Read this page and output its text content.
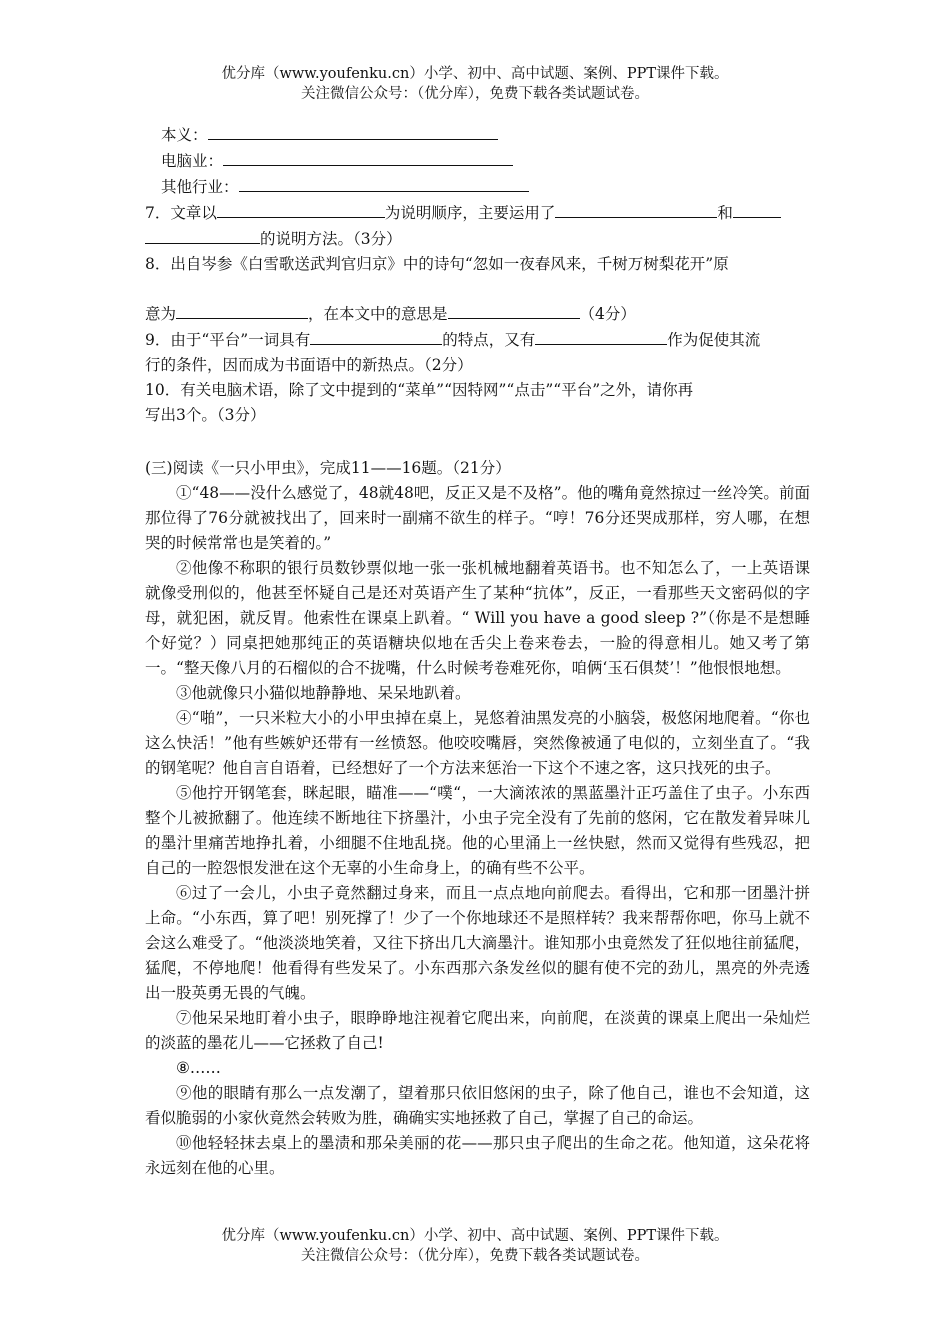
优分库（www.youfenku.cn）小学、初中、高中试题、案例、PPT课件下载。
关注微信公众号：（优分库），免费下载各类试题试卷。

本义：

电脑业：

其他行业：

7．文章以	为说明顺序，主要运用了	和

的说明方法。（3分）

8．出自岑参《白雪歌送武判官归京》中的诗句“忽如一夜春风来，千树万树梨花开”原

意为	，在本文中的意思是	（4分）

9．由于“平台”一词具有	的特点，又有	作为促使其流

行的条件，因而成为书面语中的新热点。（2分）

10．有关电脑术语，除了文中提到的“菜单”“因特网”“点击”“平台”之外，请你再

写出3个。（3分）

(三)阅读《一只小甲虫》，完成11——16题。（21分）

①“48——没什么感觉了，48就48吧，反正又是不及格”。他的嘴角竟然掠过一丝冷笑。前面那位得了76分就被找出了，回来时一副痛不欲生的样子。“哼！76分还哭成那样，穷人哪，在想哭的时候常常也是笑着的。”

②他像不称职的银行员数钞票似地一张一张机械地翻着英语书。也不知怎么了，一上英语课就像受刑似的，他甚至怀疑自己是还对英语产生了某种“抗体”，反正，一看那些天文密码似的字母，就犯困，就反胃。他索性在课桌上趴着。“ Will you have a good sleep ?”（你是不是想睡个好觉？）同桌把她那纯正的英语糖块似地在舌尖上卷来卷去，一脸的得意相儿。她又考了第一。“整天像八月的石榴似的合不拢嘴，什么时候考卷难死你，咱俩‘玉石俱焚’！”他恨恨地想。

③他就像只小猫似地静静地、呆呆地趴着。

④“啪”，一只米粒大小的小甲虫掉在桌上，晃悠着油黑发亮的小脑袋，极悠闲地爬着。“你也这么快活！”他有些嫉妒还带有一丝愤怒。他咬咬嘴唇，突然像被通了电似的，立刻坐直了。“我的钢笔呢？他自言自语着，已经想好了一个方法来惩治一下这个不速之客，这只找死的虫子。

⑤他拧开钢笔套，眯起眼，瞄准——“噗“，一大滴浓浓的黑蓝墨汁正巧盖住了虫子。小东西整个儿被掀翻了。他连续不断地往下挤墨汁，小虫子完全没有了先前的悠闲，它在散发着异味儿的墨汁里痛苦地挣扎着，小细腿不住地乱挠。他的心里涌上一丝快慰，然而又觉得有些残忍，把自己的一腔怨恨发泄在这个无辜的小生命身上，的确有些不公平。

⑥过了一会儿，小虫子竟然翻过身来，而且一点点地向前爬去。看得出，它和那一团墨汁拼上命。“小东西，算了吧！别死撑了！少了一个你地球还不是照样转？我来帮帮你吧，你马上就不会这么难受了。“他淡淡地笑着，又往下挤出几大滴墨汁。谁知那小虫竟然发了狂似地往前猛爬，猛爬，不停地爬！他看得有些发呆了。小东西那六条发丝似的腿有使不完的劲儿，黑亮的外壳透出一股英勇无畏的气魄。

⑦他呆呆地盯着小虫子，眼睁睁地注视着它爬出来，向前爬，在淡黄的课桌上爬出一朵灿烂的淡蓝的墨花儿——它拯救了自己!

⑧……

⑨他的眼睛有那么一点发潮了，望着那只依旧悠闲的虫子，除了他自己，谁也不会知道，这看似脆弱的小家伙竟然会转败为胜，确确实实地拯救了自己，掌握了自己的命运。

⑩他轻轻抹去桌上的墨渍和那朵美丽的花——那只虫子爬出的生命之花。他知道，这朵花将永远刻在他的心里。

优分库（www.youfenku.cn）小学、初中、高中试题、案例、PPT课件下载。
关注微信公众号：（优分库），免费下载各类试题试卷。
